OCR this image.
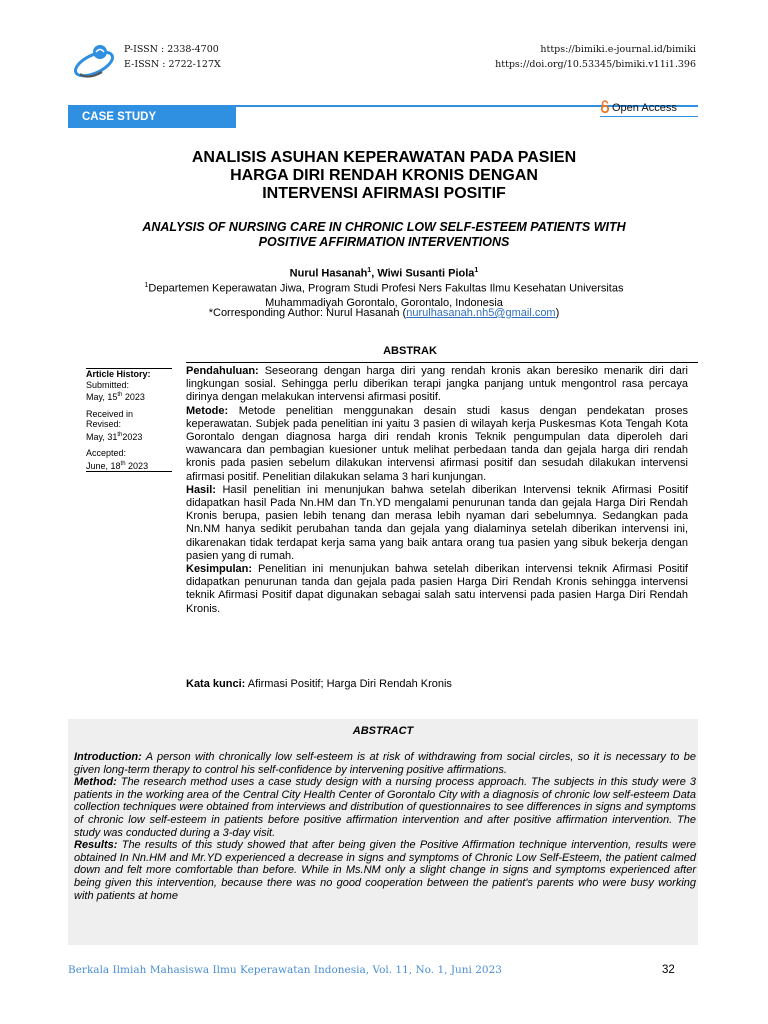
P-ISSN : 2338-4700
E-ISSN : 2722-127X
https://bimiki.e-journal.id/bimiki
https://doi.org/10.53345/bimiki.v11i1.396
CASE STUDY
Open Access
ANALISIS ASUHAN KEPERAWATAN PADA PASIEN
HARGA DIRI RENDAH KRONIS DENGAN
INTERVENSI AFIRMASI POSITIF
ANALYSIS OF NURSING CARE IN CHRONIC LOW SELF-ESTEEM PATIENTS WITH
POSITIVE AFFIRMATION INTERVENTIONS
Nurul Hasanah$^1$, Wiwi Susanti Piola$^1$
$^1$Departemen Keperawatan Jiwa, Program Studi Profesi Ners Fakultas Ilmu Kesehatan Universitas
Muhammadiyah Gorontalo, Gorontalo, Indonesia
*Corresponding Author: Nurul Hasanah (nurulhasanah.nh5@gmail.com)
ABSTRAK

Article History:

Submitted:

May, 15th 2023

Received in

Revised:

May, 31th2023

Accepted:

June, 18th 2023

Pendahuluan: Seseorang dengan harga diri yang rendah kronis akan beresiko menarik diri dari lingkungan sosial. Sehingga perlu diberikan terapi jangka panjang untuk mengontrol rasa percaya dirinya dengan melakukan intervensi afirmasi positif.

Metode: Metode penelitian menggunakan desain studi kasus dengan pendekatan proses keperawatan. Subjek pada penelitian ini yaitu 3 pasien di wilayah kerja Puskesmas Kota Tengah Kota Gorontalo dengan diagnosa harga diri rendah kronis Teknik pengumpulan data diperoleh dari wawancara dan pembagian kuesioner untuk melihat perbedaan tanda dan gejala harga diri rendah kronis pada pasien sebelum dilakukan intervensi afirmasi positif dan sesudah dilakukan intervensi afirmasi positif. Penelitian dilakukan selama 3 hari kunjungan.

Hasil: Hasil penelitian ini menunjukan bahwa setelah diberikan Intervensi teknik Afirmasi Positif didapatkan hasil Pada Nn.HM dan Tn.YD mengalami penurunan tanda dan gejala Harga Diri Rendah Kronis berupa, pasien lebih tenang dan merasa lebih nyaman dari sebelumnya. Sedangkan pada Nn.NM hanya sedikit perubahan tanda dan gejala yang dialaminya setelah diberikan intervensi ini, dikarenakan tidak terdapat kerja sama yang baik antara orang tua pasien yang sibuk bekerja dengan pasien yang di rumah.

Kesimpulan: Penelitian ini menunjukan bahwa setelah diberikan intervensi teknik Afirmasi Positif didapatkan penurunan tanda dan gejala pada pasien Harga Diri Rendah Kronis sehingga intervensi teknik Afirmasi Positif dapat digunakan sebagai salah satu intervensi pada pasien Harga Diri Rendah Kronis.

Kata kunci: Afirmasi Positif; Harga Diri Rendah Kronis
ABSTRACT

Introduction: A person with chronically low self-esteem is at risk of withdrawing from social circles, so it is necessary to be given long-term therapy to control his self-confidence by intervening positive affirmations.

Method: The research method uses a case study design with a nursing process approach. The subjects in this study were 3 patients in the working area of the Central City Health Center of Gorontalo City with a diagnosis of chronic low self-esteem Data collection techniques were obtained from interviews and distribution of questionnaires to see differences in signs and symptoms of chronic low self-esteem in patients before positive affirmation intervention and after positive affirmation intervention. The study was conducted during a 3-day visit.

Results: The results of this study showed that after being given the Positive Affirmation technique intervention, results were obtained In Nn.HM and Mr.YD experienced a decrease in signs and symptoms of Chronic Low Self-Esteem, the patient calmed down and felt more comfortable than before. While in Ms.NM only a slight change in signs and symptoms experienced after being given this intervention, because there was no good cooperation between the patient's parents who were busy working with patients at home

Berkala Ilmiah Mahasiswa Ilmu Keperawatan Indonesia, Vol. 11, No. 1, Juni 2023	32
